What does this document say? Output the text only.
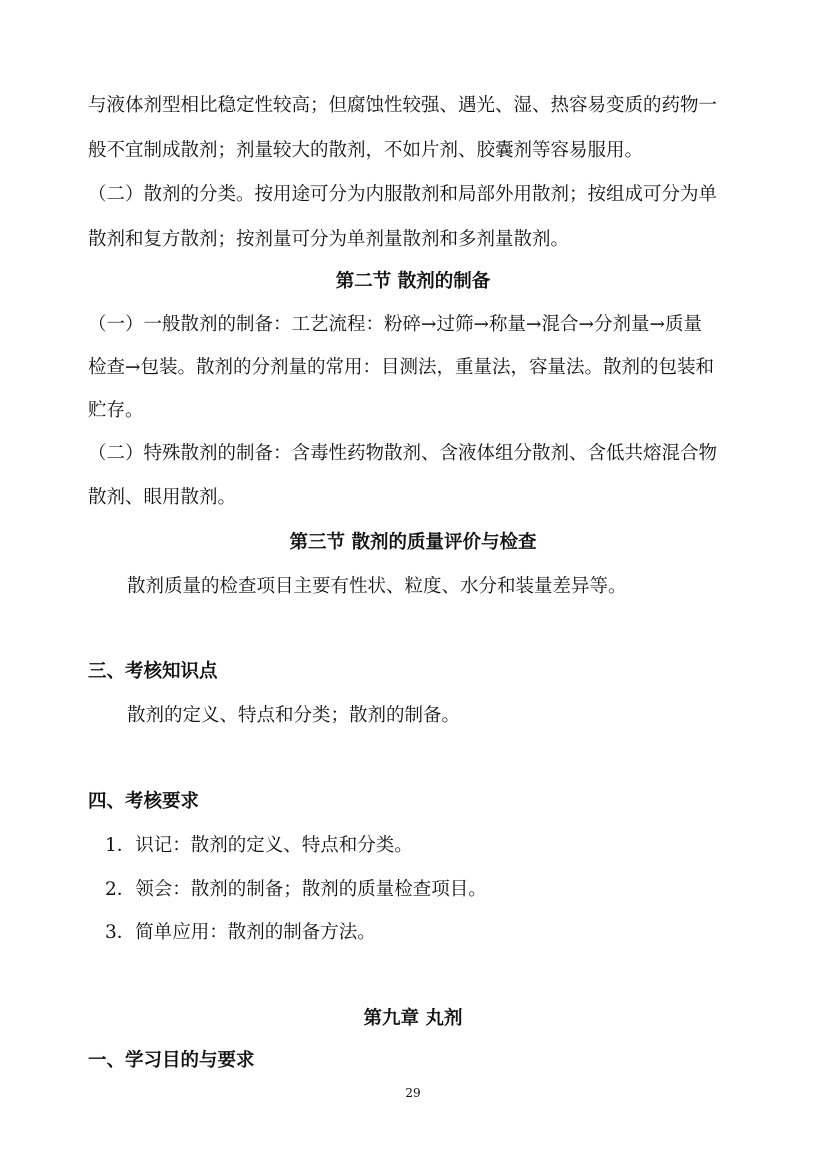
与液体剂型相比稳定性较高；但腐蚀性较强、遇光、湿、热容易变质的药物一
般不宜制成散剂；剂量较大的散剂，不如片剂、胶囊剂等容易服用。
（二）散剂的分类。按用途可分为内服散剂和局部外用散剂；按组成可分为单
散剂和复方散剂；按剂量可分为单剂量散剂和多剂量散剂。
第二节 散剂的制备
（一）一般散剂的制备：工艺流程：粉碎→过筛→称量→混合→分剂量→质量
检查→包装。散剂的分剂量的常用：目测法，重量法，容量法。散剂的包装和
贮存。
（二）特殊散剂的制备：含毒性药物散剂、含液体组分散剂、含低共熔混合物
散剂、眼用散剂。
第三节 散剂的质量评价与检查
散剂质量的检查项目主要有性状、粒度、水分和装量差异等。
三、考核知识点
散剂的定义、特点和分类；散剂的制备。
四、考核要求
1．识记：散剂的定义、特点和分类。
2．领会：散剂的制备；散剂的质量检查项目。
3．简单应用：散剂的制备方法。
第九章 丸剂
一、学习目的与要求
29
